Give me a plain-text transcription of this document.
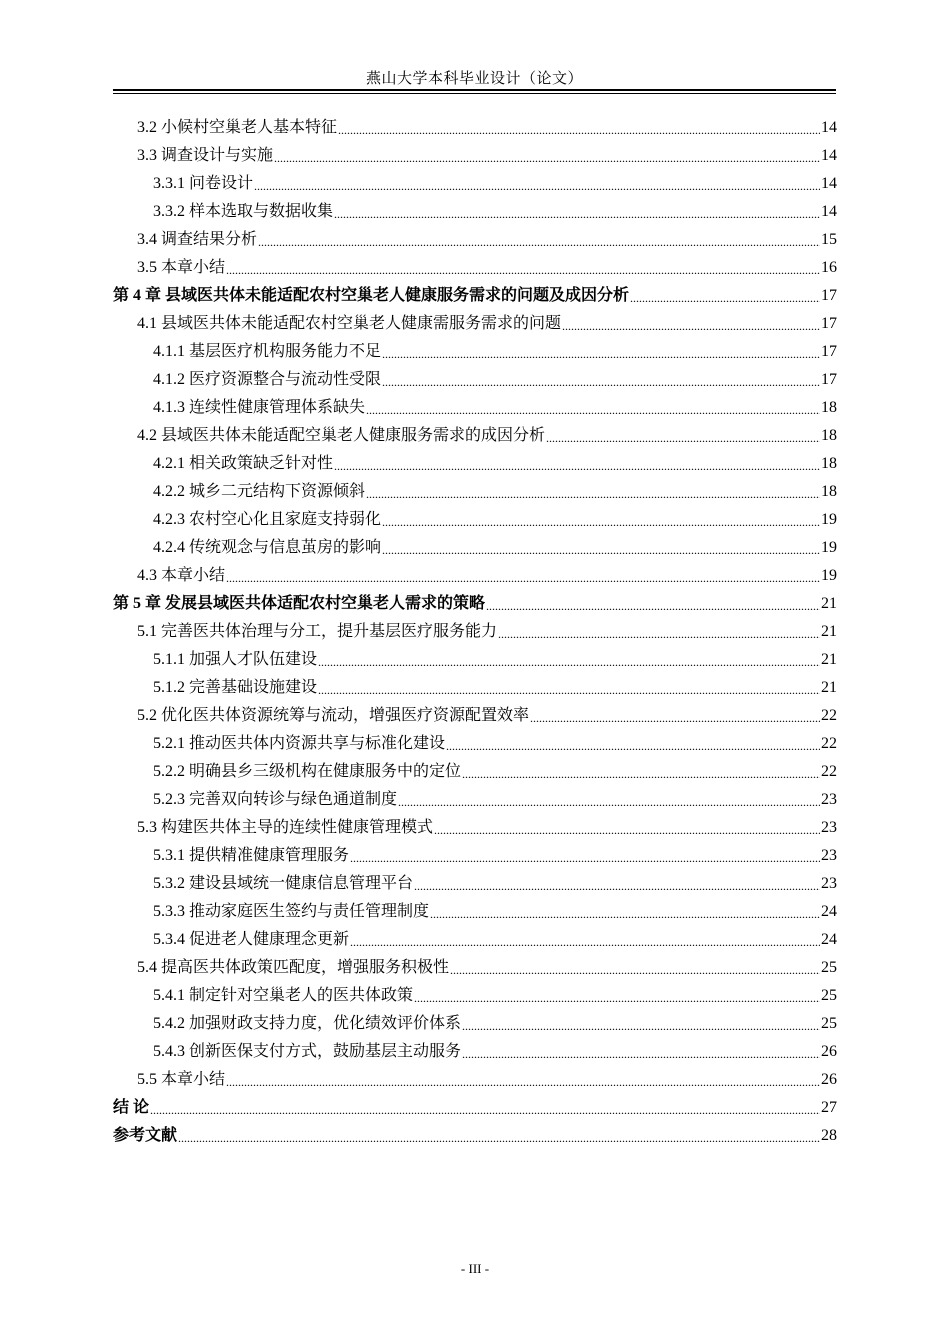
燕山大学本科毕业设计（论文）
3.2 小候村空巢老人基本特征 .....	14
3.3 调查设计与实施 .....	14
3.3.1 问卷设计 .....	14
3.3.2 样本选取与数据收集 .....	14
3.4 调查结果分析 .....	15
3.5 本章小结 .....	16
第 4 章 县域医共体未能适配农村空巢老人健康服务需求的问题及成因分析 .....	17
4.1 县域医共体未能适配农村空巢老人健康需服务需求的问题 .....	17
4.1.1 基层医疗机构服务能力不足 .....	17
4.1.2 医疗资源整合与流动性受限 .....	17
4.1.3 连续性健康管理体系缺失 .....	18
4.2 县域医共体未能适配空巢老人健康服务需求的成因分析 .....	18
4.2.1 相关政策缺乏针对性 .....	18
4.2.2 城乡二元结构下资源倾斜 .....	18
4.2.3 农村空心化且家庭支持弱化 .....	19
4.2.4 传统观念与信息茧房的影响 .....	19
4.3 本章小结 .....	19
第 5 章 发展县域医共体适配农村空巢老人需求的策略 .....	21
5.1 完善医共体治理与分工，提升基层医疗服务能力 .....	21
5.1.1 加强人才队伍建设 .....	21
5.1.2 完善基础设施建设 .....	21
5.2 优化医共体资源统筹与流动，增强医疗资源配置效率 .....	22
5.2.1 推动医共体内资源共享与标准化建设 .....	22
5.2.2 明确县乡三级机构在健康服务中的定位 .....	22
5.2.3 完善双向转诊与绿色通道制度 .....	23
5.3 构建医共体主导的连续性健康管理模式 .....	23
5.3.1 提供精准健康管理服务 .....	23
5.3.2 建设县域统一健康信息管理平台 .....	23
5.3.3 推动家庭医生签约与责任管理制度 .....	24
5.3.4 促进老人健康理念更新 .....	24
5.4 提高医共体政策匹配度，增强服务积极性 .....	25
5.4.1 制定针对空巢老人的医共体政策 .....	25
5.4.2 加强财政支持力度，优化绩效评价体系 .....	25
5.4.3 创新医保支付方式，鼓励基层主动服务 .....	26
5.5 本章小结 .....	26
结 论 .....	27
参考文献 .....	28
- III -
